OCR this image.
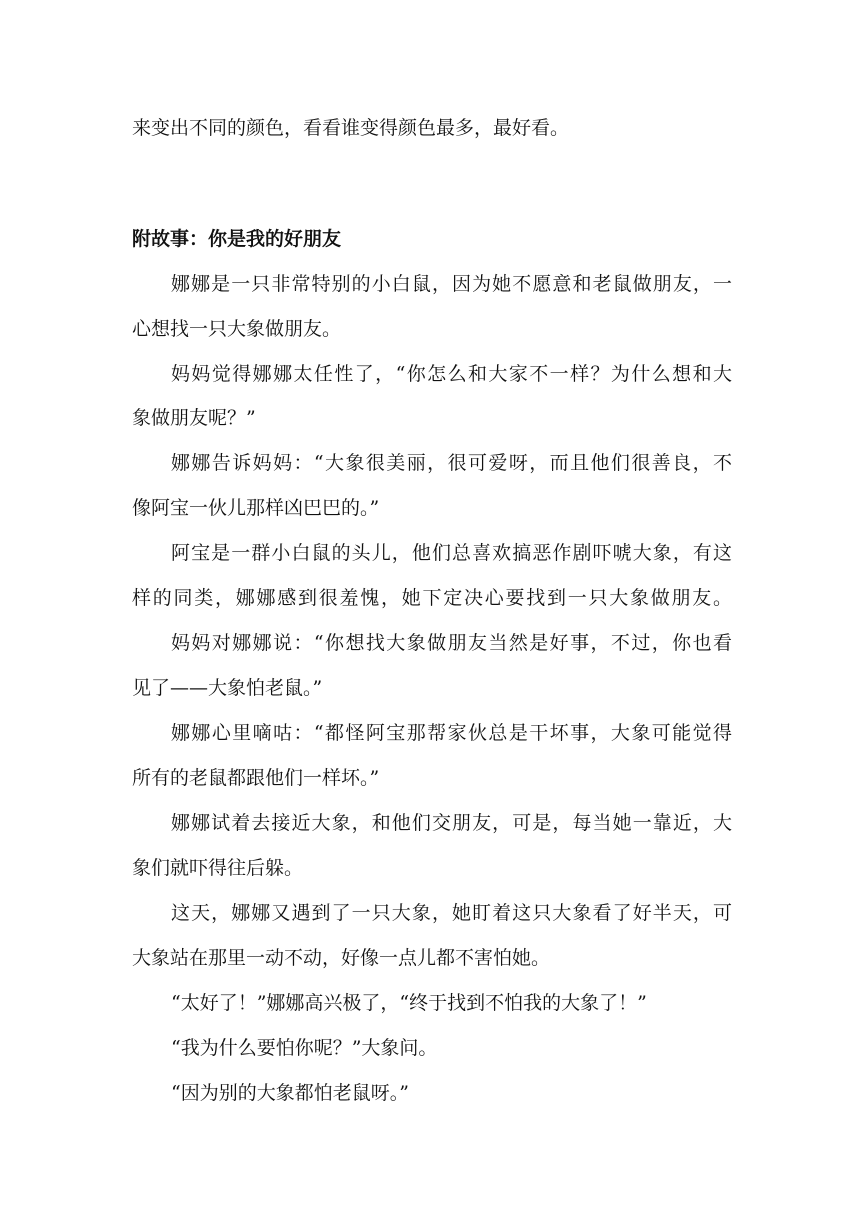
来变出不同的颜色，看看谁变得颜色最多，最好看。
附故事：你是我的好朋友
娜娜是一只非常特别的小白鼠，因为她不愿意和老鼠做朋友，一
心想找一只大象做朋友。
妈妈觉得娜娜太任性了，“你怎么和大家不一样？为什么想和大
象做朋友呢？”
娜娜告诉妈妈：“大象很美丽，很可爱呀，而且他们很善良，不
像阿宝一伙儿那样凶巴巴的。”
阿宝是一群小白鼠的头儿，他们总喜欢搞恶作剧吓唬大象，有这
样的同类，娜娜感到很羞愧，她下定决心要找到一只大象做朋友。
妈妈对娜娜说：“你想找大象做朋友当然是好事，不过，你也看
见了——大象怕老鼠。”
娜娜心里嘀咕：“都怪阿宝那帮家伙总是干坏事，大象可能觉得
所有的老鼠都跟他们一样坏。”
娜娜试着去接近大象，和他们交朋友，可是，每当她一靠近，大
象们就吓得往后躲。
这天，娜娜又遇到了一只大象，她盯着这只大象看了好半天，可
大象站在那里一动不动，好像一点儿都不害怕她。
“太好了！”娜娜高兴极了，“终于找到不怕我的大象了！”
“我为什么要怕你呢？”大象问。
“因为别的大象都怕老鼠呀。”
